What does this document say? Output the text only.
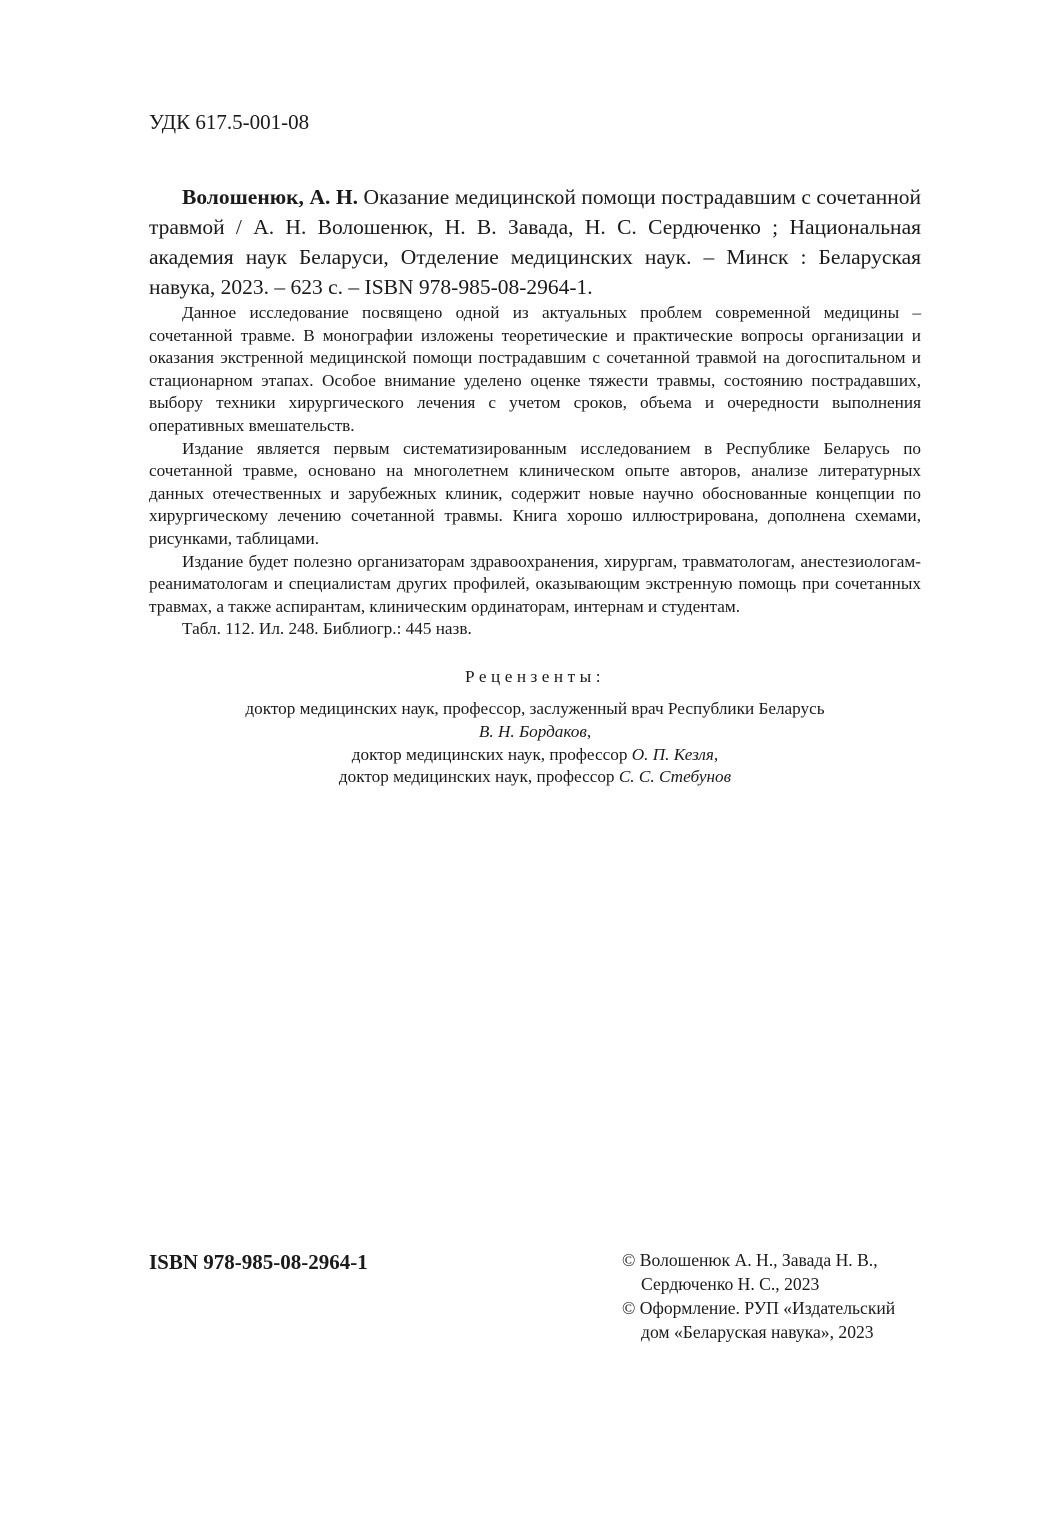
УДК 617.5-001-08
Волошенюк, А. Н. Оказание медицинской помощи пострадавшим с сочетанной травмой / А. Н. Волошенюк, Н. В. Завада, Н. С. Сердюченко ; Национальная академия наук Беларуси, Отделение медицинских наук. – Минск : Беларуская навука, 2023. – 623 с. – ISBN 978-985-08-2964-1.

Данное исследование посвящено одной из актуальных проблем современной медицины – сочетанной травме. В монографии изложены теоретические и практические вопросы организации и оказания экстренной медицинской помощи пострадавшим с сочетанной травмой на догоспитальном и стационарном этапах. Особое внимание уделено оценке тяжести травмы, состоянию пострадавших, выбору техники хирургического лечения с учетом сроков, объема и очередности выполнения оперативных вмешательств.

Издание является первым систематизированным исследованием в Республике Беларусь по сочетанной травме, основано на многолетнем клиническом опыте авторов, анализе литературных данных отечественных и зарубежных клиник, содержит новые научно обоснованные концепции по хирургическому лечению сочетанной травмы. Книга хорошо иллюстрирована, дополнена схемами, рисунками, таблицами.

Издание будет полезно организаторам здравоохранения, хирургам, травматологам, анестезиологам-реаниматологам и специалистам других профилей, оказывающим экстренную помощь при сочетанных травмах, а также аспирантам, клиническим ординаторам, интернам и студентам.

Табл. 112. Ил. 248. Библиогр.: 445 назв.

Рецензенты:
доктор медицинских наук, профессор, заслуженный врач Республики Беларусь
В. Н. Бордаков,
доктор медицинских наук, профессор О. П. Кезля,
доктор медицинских наук, профессор С. С. Стебунов
ISBN 978-985-08-2964-1	© Волошенюк А. Н., Завада Н. В.,
Сердюченко Н. С., 2023
© Оформление. РУП «Издательский
дом «Беларуская навука», 2023
